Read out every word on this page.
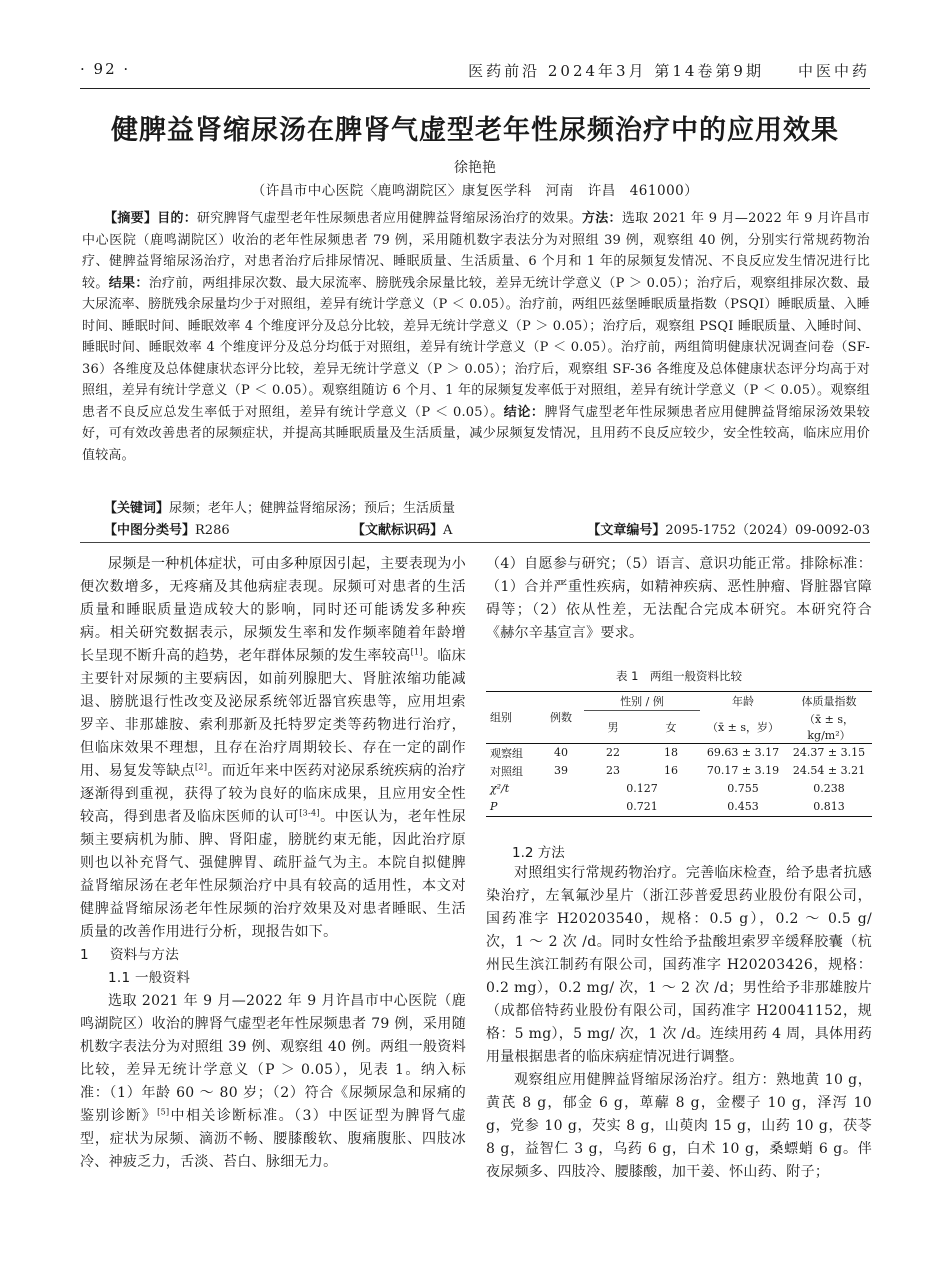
· 92 ·	医药前沿 2024年3月 第14卷第9期 中医中药
健脾益肾缩尿汤在脾肾气虚型老年性尿频治疗中的应用效果
徐艳艳
（许昌市中心医院〈鹿鸣湖院区〉康复医学科　河南　许昌　461000）
【摘要】目的：研究脾肾气虚型老年性尿频患者应用健脾益肾缩尿汤治疗的效果。方法：选取 2021 年 9 月—2022 年 9 月许昌市中心医院（鹿鸣湖院区）收治的老年性尿频患者 79 例，采用随机数字表法分为对照组 39 例，观察组 40 例，分别实行常规药物治疗、健脾益肾缩尿汤治疗，对患者治疗后排尿情况、睡眠质量、生活质量、6 个月和 1 年的尿频复发情况、不良反应发生情况进行比较。结果：治疗前，两组排尿次数、最大尿流率、膀胱残余尿量比较，差异无统计学意义（P ＞ 0.05）；治疗后，观察组排尿次数、最大尿流率、膀胱残余尿量均少于对照组，差异有统计学意义（P ＜ 0.05）。治疗前，两组匹兹堡睡眠质量指数（PSQI）睡眠质量、入睡时间、睡眠时间、睡眠效率 4 个维度评分及总分比较，差异无统计学意义（P ＞ 0.05）；治疗后，观察组 PSQI 睡眠质量、入睡时间、睡眠时间、睡眠效率 4 个维度评分及总分均低于对照组，差异有统计学意义（P ＜ 0.05）。治疗前，两组简明健康状况调查问卷（SF-36）各维度及总体健康状态评分比较，差异无统计学意义（P ＞ 0.05）；治疗后，观察组 SF-36 各维度及总体健康状态评分均高于对照组，差异有统计学意义（P ＜ 0.05）。观察组随访 6 个月、1 年的尿频复发率低于对照组，差异有统计学意义（P ＜ 0.05）。观察组患者不良反应总发生率低于对照组，差异有统计学意义（P ＜ 0.05）。结论：脾肾气虚型老年性尿频患者应用健脾益肾缩尿汤效果较好，可有效改善患者的尿频症状，并提高其睡眠质量及生活质量，减少尿频复发情况，且用药不良反应较少，安全性较高，临床应用价值较高。
【关键词】尿频；老年人；健脾益肾缩尿汤；预后；生活质量
【中图分类号】R286	【文献标识码】A	【文章编号】2095-1752（2024）09-0092-03

尿频是一种机体症状，可由多种原因引起，主要表现为小便次数增多，无疼痛及其他病症表现。尿频可对患者的生活质量和睡眠质量造成较大的影响，同时还可能诱发多种疾病。相关研究数据表示，尿频发生率和发作频率随着年龄增长呈现不断升高的趋势，老年群体尿频的发生率较高[1]。临床主要针对尿频的主要病因，如前列腺肥大、肾脏浓缩功能减退、膀胱退行性改变及泌尿系统邻近器官疾患等，应用坦索罗辛、非那雄胺、索利那新及托特罗定类等药物进行治疗，但临床效果不理想，且存在治疗周期较长、存在一定的副作用、易复发等缺点[2]。而近年来中医药对泌尿系统疾病的治疗逐渐得到重视，获得了较为良好的临床成果，且应用安全性较高，得到患者及临床医师的认可[3-4]。中医认为，老年性尿频主要病机为肺、脾、肾阳虚，膀胱约束无能，因此治疗原则也以补充肾气、强健脾胃、疏肝益气为主。本院自拟健脾益肾缩尿汤在老年性尿频治疗中具有较高的适用性，本文对健脾益肾缩尿汤老年性尿频的治疗效果及对患者睡眠、生活质量的改善作用进行分析，现报告如下。

1 资料与方法
1.1 一般资料

选取 2021 年 9 月—2022 年 9 月许昌市中心医院（鹿鸣湖院区）收治的脾肾气虚型老年性尿频患者 79 例，采用随机数字表法分为对照组 39 例、观察组 40 例。两组一般资料比较，差异无统计学意义（P ＞ 0.05），见表 1。纳入标准：（1）年龄 60 ～ 80 岁；（2）符合《尿频尿急和尿痛的鉴别诊断》[5]中相关诊断标准。（3）中医证型为脾肾气虚型，症状为尿频、滴沥不畅、腰膝酸软、腹痛腹胀、四肢冰冷、神疲乏力，舌淡、苔白、脉细无力。

（4）自愿参与研究；（5）语言、意识功能正常。排除标准：（1）合并严重性疾病，如精神疾病、恶性肿瘤、肾脏器官障碍等；（2）依从性差，无法配合完成本研究。本研究符合《赫尔辛基宣言》要求。

表 1　两组一般资料比较
组别	例数	性别 / 例		年龄	体质量指数
		男	女	（x̄ ± s，岁）	（x̄ ± s，kg/m²）
观察组	40	22	18	69.63 ± 3.17	24.37 ± 3.15
对照组	39	23	16	70.17 ± 3.19	24.54 ± 3.21
χ²/t		0.127		0.755	0.238
P		0.721		0.453	0.813
1.2 方法

对照组实行常规药物治疗。完善临床检查，给予患者抗感染治疗，左氧氟沙星片（浙江莎普爱思药业股份有限公司，国药准字 H20203540，规格：0.5 g），0.2 ～ 0.5 g/ 次，1 ～ 2 次 /d。同时女性给予盐酸坦索罗辛缓释胶囊（杭州民生滨江制药有限公司，国药准字 H20203426，规格：0.2 mg），0.2 mg/ 次，1 ～ 2 次 /d；男性给予非那雄胺片（成都倍特药业股份有限公司，国药准字 H20041152，规格：5 mg），5 mg/ 次，1 次 /d。连续用药 4 周，具体用药用量根据患者的临床病症情况进行调整。

观察组应用健脾益肾缩尿汤治疗。组方：熟地黄 10 g，黄芪 8 g，郁金 6 g，萆薢 8 g，金樱子 10 g，泽泻 10 g，党参 10 g，芡实 8 g，山萸肉 15 g，山药 10 g，茯苓 8 g，益智仁 3 g，乌药 6 g，白术 10 g，桑螵蛸 6 g。伴夜尿频多、四肢冷、腰膝酸，加干姜、怀山药、附子；
